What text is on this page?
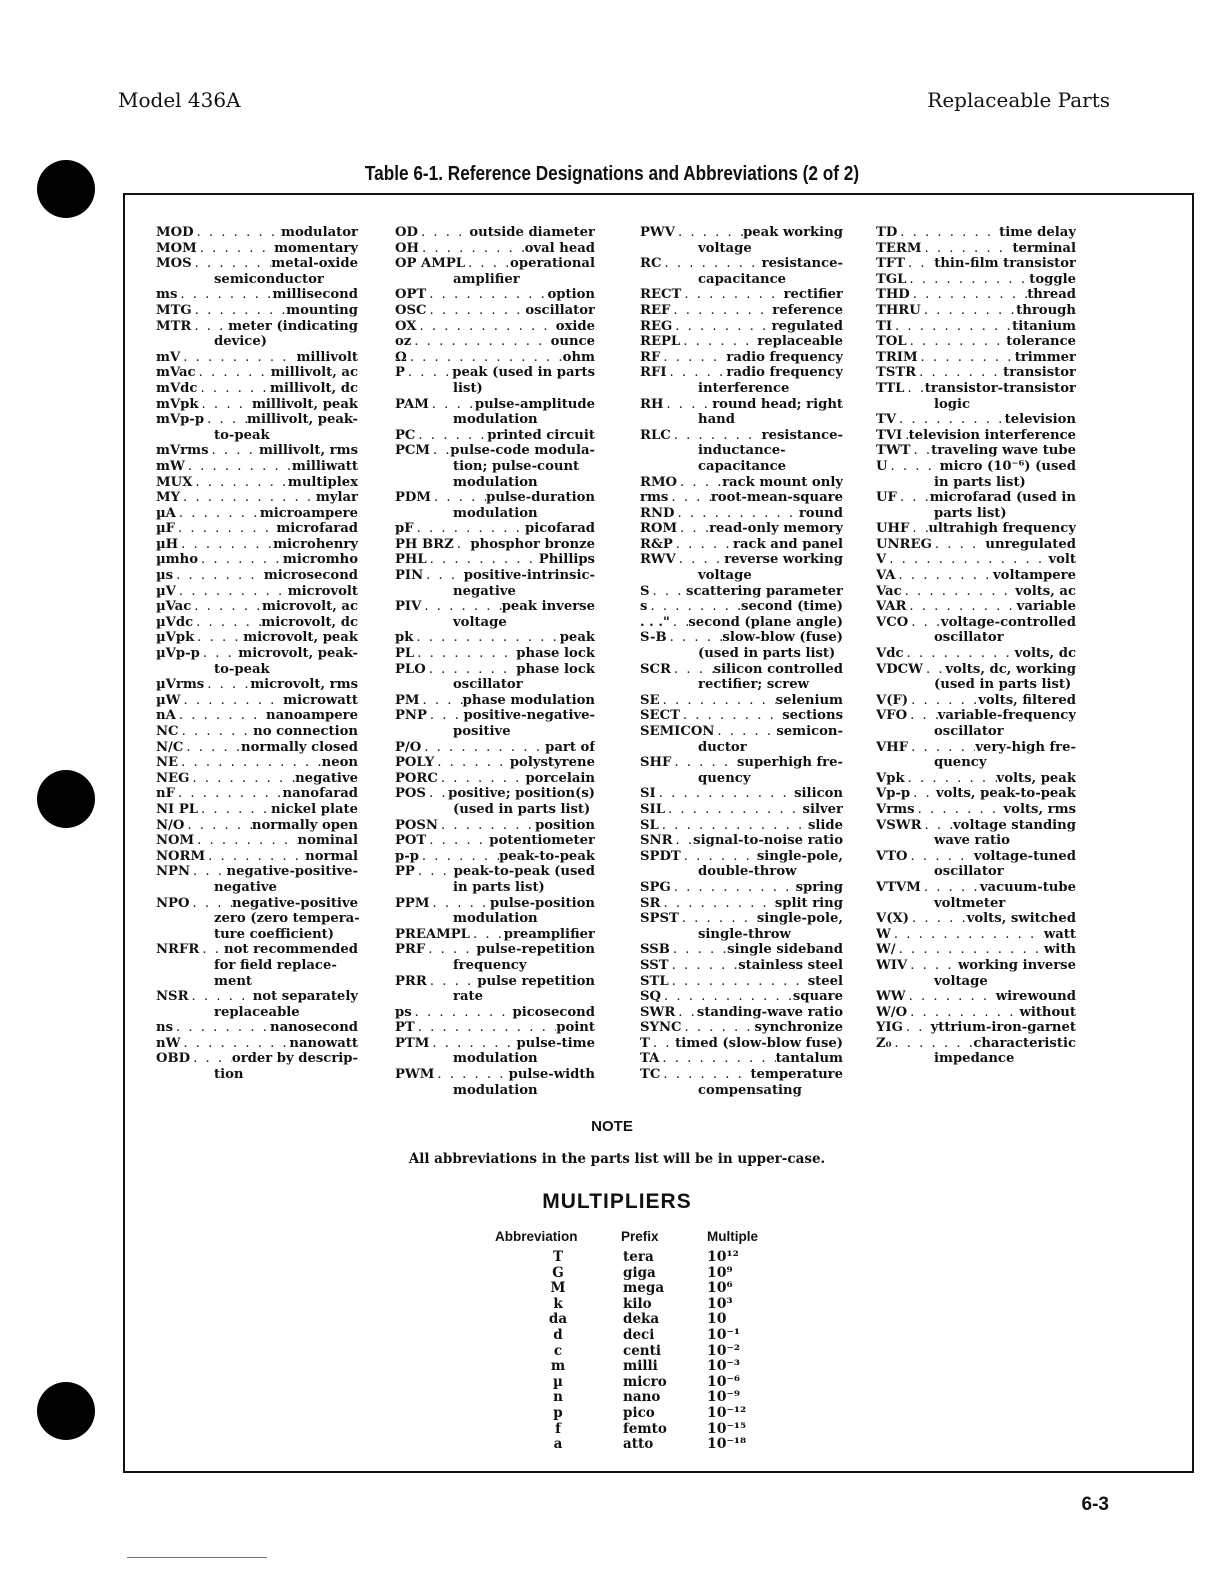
Model 436A	Replaceable Parts
Table 6-1. Reference Designations and Abbreviations (2 of 2)
MOD . . .	modulator
MOM . . .	momentary
MOS . . .	metal-oxide
semiconductor
ms . . .	millisecond
MTG . . .	mounting
MTR . . .	meter (indicating
device)
mV . . .	millivolt
mVac . . .	millivolt, ac
mVdc . . .	millivolt, dc
mVpk . . .	millivolt, peak
mVp-p . . .	millivolt, peak-
to-peak
mVrms . . .	millivolt, rms
mW . . .	milliwatt
MUX . . .	multiplex
MY . . .	mylar
µA . . .	microampere
µF . . .	microfarad
µH . . .	microhenry
µmho . . .	micromho
µs . . .	microsecond
µV . . .	microvolt
µVac . . .	microvolt, ac
µVdc . . .	microvolt, dc
µVpk . . .	microvolt, peak
µVp-p . . .	microvolt, peak-
to-peak
µVrms . . .	microvolt, rms
µW . . .	microwatt
nA . . .	nanoampere
NC . . .	no connection
N/C . . .	normally closed
NE . . .	neon
NEG . . .	negative
nF . . .	nanofarad
NI PL . . .	nickel plate
N/O . . .	normally open
NOM . . .	nominal
NORM . . .	normal
NPN . . .	negative-positive-
negative
NPO . . .	negative-positive
zero (zero tempera-
ture coefficient)
NRFR . . . not recommended
for field replace-
ment
NSR . . .	not separately
replaceable
ns . . .	nanosecond
nW . . .	nanowatt
OBD . . .	order by descrip-
tion
OD . . .	outside diameter
OH . . .	oval head
OP AMPL . . .	operational
amplifier
OPT . . .	option
OSC . . .	oscillator
OX . . .	oxide
oz . . .	ounce
Ω . . .	ohm
P . . .	peak (used in parts
list)
PAM . . .	pulse-amplitude
modulation
PC . . .	printed circuit
PCM . . . pulse-code modula-
tion; pulse-count
modulation
PDM . . .	pulse-duration
modulation
pF . . .	picofarad
PH BRZ . . . phosphor bronze
PHL . . .	Phillips
PIN . . .	positive-intrinsic-
negative
PIV . . .	peak inverse
voltage
pk . . .	peak
PL . . .	phase lock
PLO . . .	phase lock
oscillator
PM . . .	phase modulation
PNP . . .	positive-negative-
positive
P/O . . .	part of
POLY . . .	polystyrene
PORC . . .	porcelain
POS . . . positive; position(s)
(used in parts list)
POSN . . .	position
POT . . .	potentiometer
p-p . . .	peak-to-peak
PP . . .	peak-to-peak (used
in parts list)
PPM . . .	pulse-position
modulation
PREAMPL . . .	preamplifier
PRF . . .	pulse-repetition
frequency
PRR . . .	pulse repetition
rate
ps . . .	picosecond
PT . . .	point
PTM . . .	pulse-time
modulation
PWM . . .	pulse-width
modulation
PWV . . .	peak working
voltage
RC . . .	resistance-
capacitance
RECT . . .	rectifier
REF . . .	reference
REG . . .	regulated
REPL . . .	replaceable
RF . . .	radio frequency
RFI . . .	radio frequency
interference
RH . . .	round head; right
hand
RLC . . .	resistance-
inductance-
capacitance
RMO . . .	rack mount only
rms . . .	root-mean-square
RND . . .	round
ROM . . . read-only memory
R&P . . .	rack and panel
RWV . . .	reverse working
voltage
S . . .	scattering parameter
s . . .	second (time)
. . ." . . . second (plane angle)
S-B . . .	slow-blow (fuse)
(used in parts list)
SCR . . .	silicon controlled
rectifier; screw
SE . . .	selenium
SECT . . .	sections
SEMICON . . .	semicon-
ductor
SHF . . .	superhigh fre-
quency
SI . . .	silicon
SIL . . .	silver
SL . . .	slide
SNR . . . signal-to-noise ratio
SPDT . . .	single-pole,
double-throw
SPG . . .	spring
SR . . .	split ring
SPST . . .	single-pole,
single-throw
SSB . . .	single sideband
SST . . .	stainless steel
STL . . .	steel
SQ . . .	square
SWR . . . standing-wave ratio
SYNC . . .	synchronize
T . . . timed (slow-blow fuse)
TA . . .	tantalum
TC . . .	temperature
compensating
TD . . .	time delay
TERM . . .	terminal
TFT . . . thin-film transistor
TGL . . .	toggle
THD . . .	thread
THRU . . .	through
TI . . .	titanium
TOL . . .	tolerance
TRIM . . .	trimmer
TSTR . . .	transistor
TTL . . . transistor-transistor
logic
TV . . .	television
TVI . . . television interference
TWT . . . traveling wave tube
U . . .	micro (10⁻⁶) (used
in parts list)
UF . . . microfarad (used in
parts list)
UHF . . . ultrahigh frequency
UNREG . . .	unregulated
V . . .	volt
VA . . .	voltampere
Vac . . .	volts, ac
VAR . . .	variable
VCO . . . voltage-controlled
oscillator
Vdc . . .	volts, dc
VDCW . . . volts, dc, working
(used in parts list)
V(F) . . .	volts, filtered
VFO . . . variable-frequency
oscillator
VHF . . .	very-high fre-
quency
Vpk . . .	volts, peak
Vp-p . . . volts, peak-to-peak
Vrms . . .	volts, rms
VSWR . . . voltage standing
wave ratio
VTO . . .	voltage-tuned
oscillator
VTVM . . .	vacuum-tube
voltmeter
V(X) . . .	volts, switched
W . . .	watt
W/ . . .	with
WIV . . .	working inverse
voltage
WW . . .	wirewound
W/O . . .	without
YIG . . . yttrium-iron-garnet
Z₀ . . .	characteristic
impedance
NOTE
All abbreviations in the parts list will be in upper-case.
MULTIPLIERS
Abbreviation	Prefix	Multiple
T	tera	10¹²
G	giga	10⁹
M	mega	10⁶
k	kilo	10³
da	deka	10
d	deci	10⁻¹
c	centi	10⁻²
m	milli	10⁻³
µ	micro	10⁻⁶
n	nano	10⁻⁹
p	pico	10⁻¹²
f	femto	10⁻¹⁵
a	atto	10⁻¹⁸
6-3
